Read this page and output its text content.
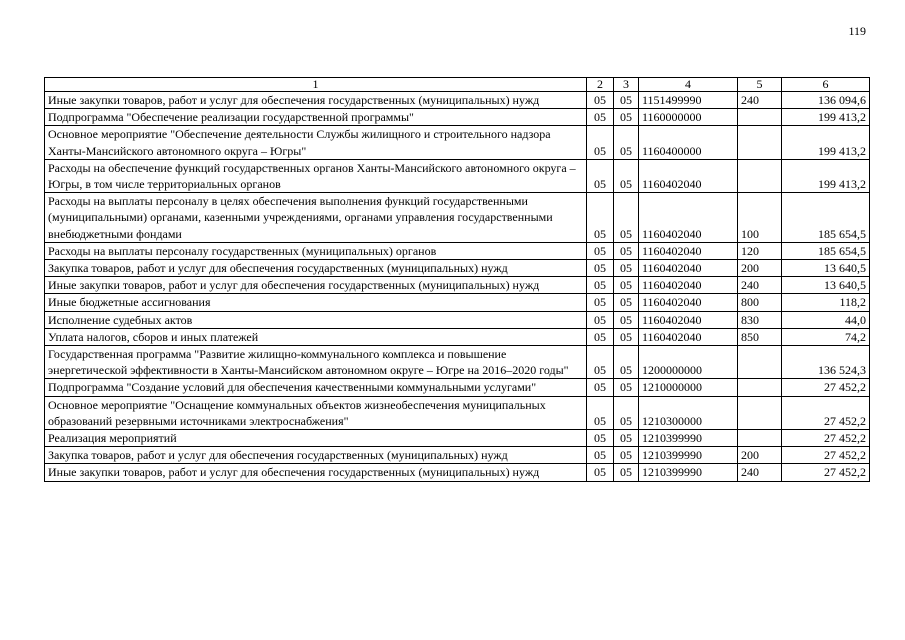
119
1	2	3	4	5	6
Иные закупки товаров, работ и услуг для обеспечения государственных (муниципальных) нужд	05	05	1151499990	240	136 094,6
Подпрограмма "Обеспечение реализации государственной программы"	05	05	1160000000		199 413,2
Основное мероприятие "Обеспечение деятельности Службы жилищного и строительного надзора Ханты-Мансийского автономного округа – Югры"	05	05	1160400000		199 413,2
Расходы на обеспечение функций государственных органов Ханты-Мансийского автономного округа – Югры, в том числе территориальных органов	05	05	1160402040		199 413,2
Расходы на выплаты персоналу в целях обеспечения выполнения функций государственными (муниципальными) органами, казенными учреждениями, органами управления государственными внебюджетными фондами	05	05	1160402040	100	185 654,5
Расходы на выплаты персоналу государственных (муниципальных) органов	05	05	1160402040	120	185 654,5
Закупка товаров, работ и услуг для обеспечения государственных (муниципальных) нужд	05	05	1160402040	200	13 640,5
Иные закупки товаров, работ и услуг для обеспечения государственных (муниципальных) нужд	05	05	1160402040	240	13 640,5
Иные бюджетные ассигнования	05	05	1160402040	800	118,2
Исполнение судебных актов	05	05	1160402040	830	44,0
Уплата налогов, сборов и иных платежей	05	05	1160402040	850	74,2
Государственная программа "Развитие жилищно-коммунального комплекса и повышение энергетической эффективности в Ханты-Мансийском автономном округе – Югре на 2016–2020 годы"	05	05	1200000000		136 524,3
Подпрограмма "Создание условий для обеспечения качественными коммунальными услугами"	05	05	1210000000		27 452,2
Основное мероприятие "Оснащение коммунальных объектов жизнеобеспечения муниципальных образований резервными источниками электроснабжения"	05	05	1210300000		27 452,2
Реализация мероприятий	05	05	1210399990		27 452,2
Закупка товаров, работ и услуг для обеспечения государственных (муниципальных) нужд	05	05	1210399990	200	27 452,2
Иные закупки товаров, работ и услуг для обеспечения государственных (муниципальных) нужд	05	05	1210399990	240	27 452,2
